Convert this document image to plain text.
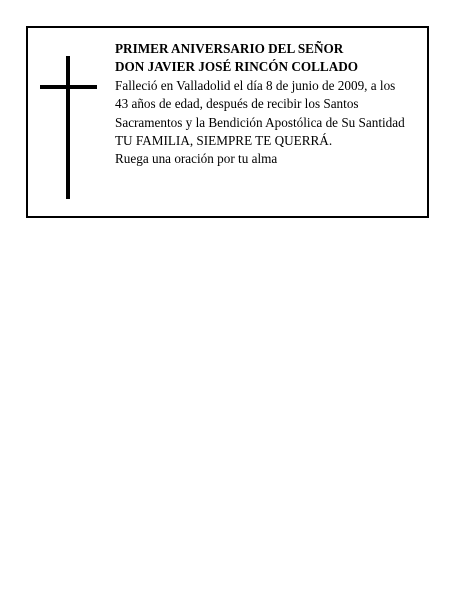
PRIMER ANIVERSARIO DEL SEÑOR
DON JAVIER JOSÉ RINCÓN COLLADO
Falleció en Valladolid el día 8 de junio de 2009, a los
43 años de edad, después de recibir los Santos
Sacramentos y la Bendición Apostólica de Su Santidad
TU FAMILIA, SIEMPRE TE QUERRÁ.
Ruega una oración por tu alma
